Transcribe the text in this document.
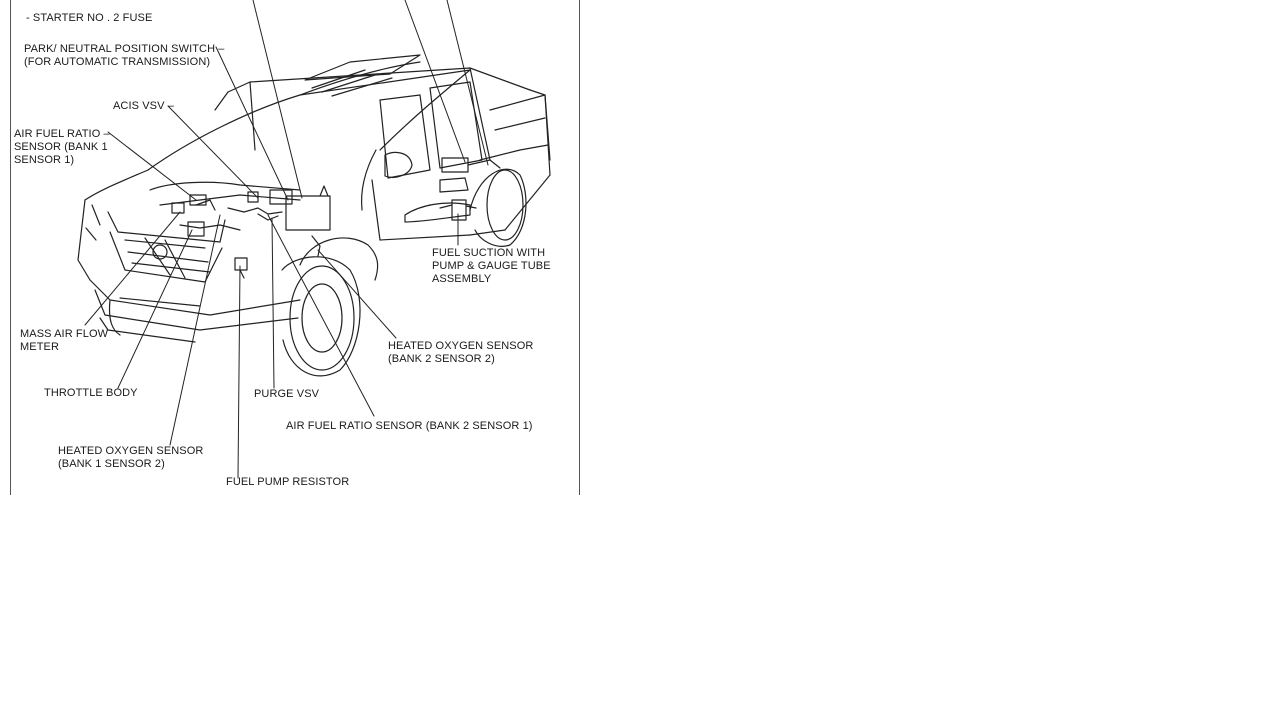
- STARTER NO . 2 FUSE
PARK/ NEUTRAL POSITION SWITCH –
(FOR AUTOMATIC TRANSMISSION)
ACIS VSV –
AIR FUEL RATIO –
SENSOR (BANK 1
SENSOR 1)
FUEL SUCTION WITH
PUMP & GAUGE TUBE
ASSEMBLY
MASS AIR FLOW
METER	HEATED OXYGEN SENSOR
(BANK 2 SENSOR 2)
THROTTLE BODY	PURGE VSV
AIR FUEL RATIO SENSOR (BANK 2 SENSOR 1)
HEATED OXYGEN SENSOR
(BANK 1 SENSOR 2)
FUEL PUMP RESISTOR
